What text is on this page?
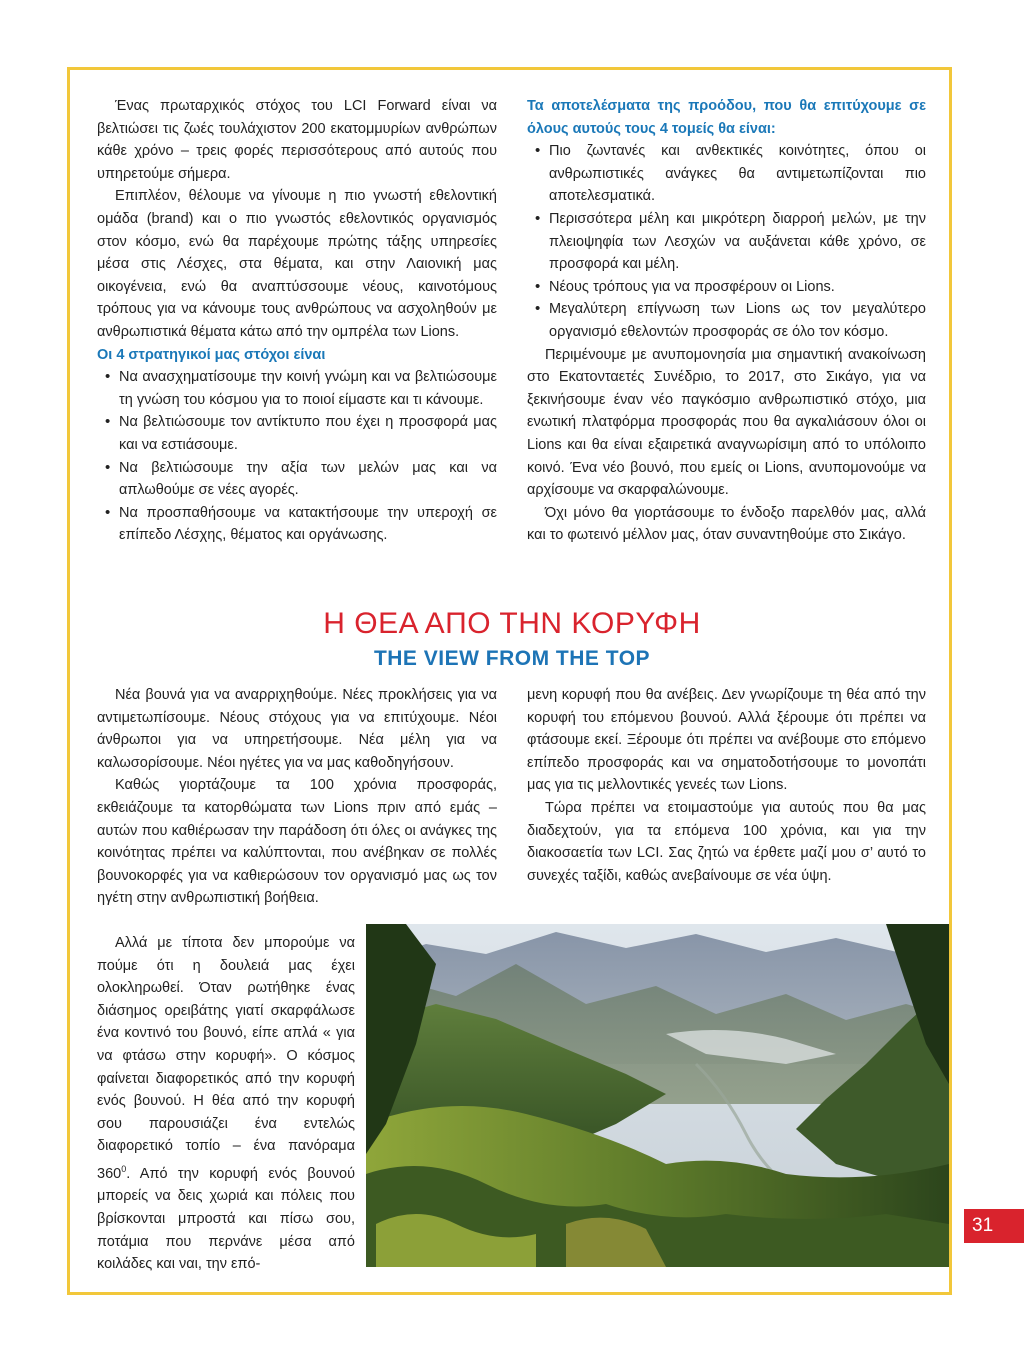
Ένας πρωταρχικός στόχος του LCI Forward είναι να βελτιώσει τις ζωές τουλάχιστον 200 εκατομμυρίων ανθρώπων κάθε χρόνο – τρεις φορές περισσότερους από αυτούς που υπηρετούμε σήμερα.

Επιπλέον, θέλουμε να γίνουμε η πιο γνωστή εθελοντική ομάδα (brand) και ο πιο γνωστός εθελοντικός οργανισμός στον κόσμο, ενώ θα παρέχουμε πρώτης τάξης υπηρεσίες μέσα στις Λέσχες, στα θέματα, και στην Λαιονική μας οικογένεια, ενώ θα αναπτύσσουμε νέους, καινοτόμους τρόπους για να κάνουμε τους ανθρώπους να ασχοληθούν με ανθρωπιστικά θέματα κάτω από την ομπρέλα των Lions.

Οι 4 στρατηγικοί μας στόχοι είναι

• Να ανασχηματίσουμε την κοινή γνώμη και να βελτιώσουμε τη γνώση του κόσμου για το ποιοί είμαστε και τι κάνουμε.
• Να βελτιώσουμε τον αντίκτυπο που έχει η προσφορά μας και να εστιάσουμε.
• Να βελτιώσουμε την αξία των μελών μας και να απλωθούμε σε νέες αγορές.
• Να προσπαθήσουμε να κατακτήσουμε την υπεροχή σε επίπεδο Λέσχης, θέματος και οργάνωσης.

Τα αποτελέσματα της προόδου, που θα επιτύχουμε σε όλους αυτούς τους 4 τομείς θα είναι:

• Πιο ζωντανές και ανθεκτικές κοινότητες, όπου οι ανθρωπιστικές ανάγκες θα αντιμετωπίζονται πιο αποτελεσματικά.
• Περισσότερα μέλη και μικρότερη διαρροή μελών, με την πλειοψηφία των Λεσχών να αυξάνεται κάθε χρόνο, σε προσφορά και μέλη.
• Νέους τρόπους για να προσφέρουν οι Lions.
• Μεγαλύτερη επίγνωση των Lions ως τον μεγαλύτερο οργανισμό εθελοντών προσφοράς σε όλο τον κόσμο.

Περιμένουμε με ανυπομονησία μια σημαντική ανακοίνωση στο Εκατονταετές Συνέδριο, το 2017, στο Σικάγο, για να ξεκινήσουμε έναν νέο παγκόσμιο ανθρωπιστικό στόχο, μια ενωτική πλατφόρμα προσφοράς που θα αγκαλιάσουν όλοι οι Lions και θα είναι εξαιρετικά αναγνωρίσιμη από το υπόλοιπο κοινό. Ένα νέο βουνό, που εμείς οι Lions, ανυπομονούμε να αρχίσουμε να σκαρφαλώνουμε.

Όχι μόνο θα γιορτάσουμε το ένδοξο παρελθόν μας, αλλά και το φωτεινό μέλλον μας, όταν συναντηθούμε στο Σικάγο.

Η ΘΕΑ ΑΠΟ ΤΗΝ ΚΟΡΥΦΗ
THE VIEW FROM THE TOP

Νέα βουνά για να αναρριχηθούμε. Νέες προκλήσεις για να αντιμετωπίσουμε. Νέους στόχους για να επιτύχουμε. Νέοι άνθρωποι για να υπηρετήσουμε. Νέα μέλη για να καλωσορίσουμε. Νέοι ηγέτες για να μας καθοδηγήσουν.

Καθώς γιορτάζουμε τα 100 χρόνια προσφοράς, εκθειάζουμε τα κατορθώματα των Lions πριν από εμάς – αυτών που καθιέρωσαν την παράδοση ότι όλες οι ανάγκες της κοινότητας πρέπει να καλύπτονται, που ανέβηκαν σε πολλές βουνοκορφές για να καθιερώσουν τον οργανισμό μας ως τον ηγέτη στην ανθρωπιστική βοήθεια.

Αλλά με τίποτα δεν μπορούμε να πούμε ότι η δουλειά μας έχει ολοκληρωθεί. Όταν ρωτήθηκε ένας διάσημος ορειβάτης γιατί σκαρφάλωσε ένα κοντινό του βουνό, είπε απλά « για να φτάσω στην κορυφή». Ο κόσμος φαίνεται διαφορετικός από την κορυφή ενός βουνού. Η θέα από την κορυφή σου παρουσιάζει ένα εντελώς διαφορετικό τοπίο – ένα πανόραμα $360^0$. Από την κορυφή ενός βουνού μπορείς να δεις χωριά και πόλεις που βρίσκονται μπροστά και πίσω σου, ποτάμια που περνάνε μέσα από κοιλάδες και ναι, την επό-

μενη κορυφή που θα ανέβεις. Δεν γνωρίζουμε τη θέα από την κορυφή του επόμενου βουνού. Αλλά ξέρουμε ότι πρέπει να φτάσουμε εκεί. Ξέρουμε ότι πρέπει να ανέβουμε στο επόμενο επίπεδο προσφοράς και να σηματοδοτήσουμε το μονοπάτι μας για τις μελλοντικές γενεές των Lions.

Τώρα πρέπει να ετοιμαστούμε για αυτούς που θα μας διαδεχτούν, για τα επόμενα 100 χρόνια, και για την διακοσαετία των LCI. Σας ζητώ να έρθετε μαζί μου σ’ αυτό το συνεχές ταξίδι, καθώς ανεβαίνουμε σε νέα ύψη.

31
